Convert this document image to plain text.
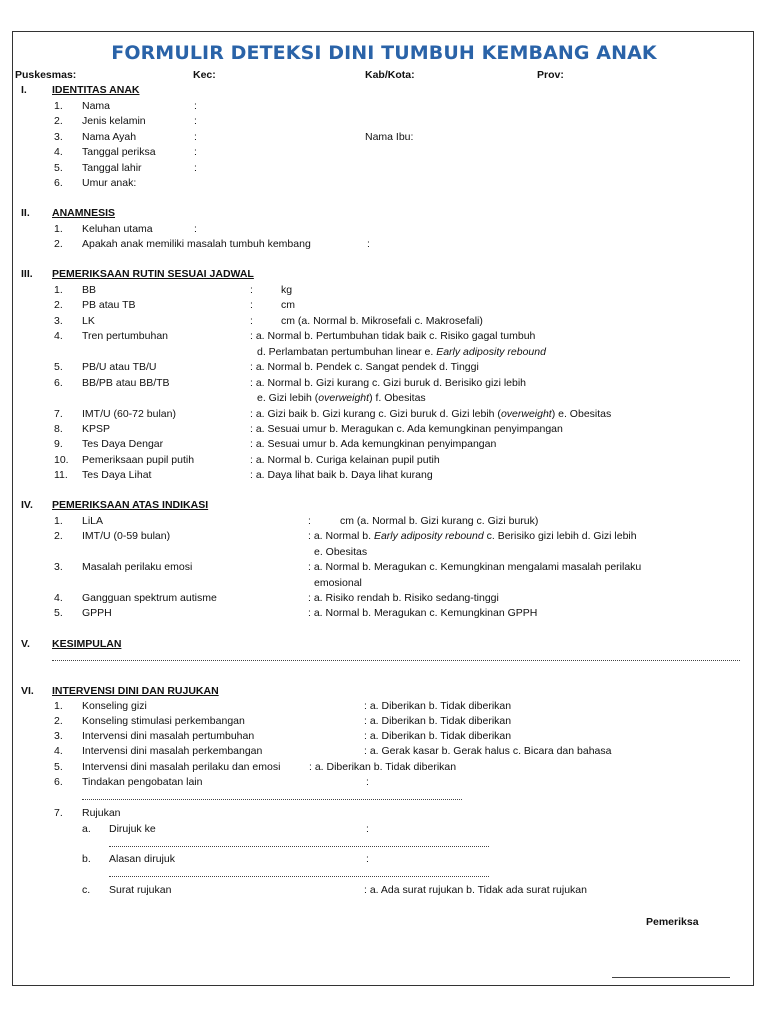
FORMULIR DETEKSI DINI TUMBUH KEMBANG ANAK
Puskesmas:	Kec:	Kab/Kota:	Prov:
I. IDENTITAS ANAK
1. Nama	:
2. Jenis kelamin	:
3. Nama Ayah	:	Nama Ibu:
4. Tanggal periksa	:
5. Tanggal lahir	:
6. Umur anak:
II. ANAMNESIS
1. Keluhan utama	:
2. Apakah anak memiliki masalah tumbuh kembang	:
III. PEMERIKSAAN RUTIN SESUAI JADWAL
1. BB	:	kg
2. PB atau TB	:	cm
3. LK	:	cm (a. Normal b. Mikrosefali c. Makrosefali)
4. Tren pertumbuhan	: a. Normal b. Pertumbuhan tidak baik c. Risiko gagal tumbuh
d. Perlambatan pertumbuhan linear e. Early adiposity rebound
5. PB/U atau TB/U	: a. Normal b. Pendek c. Sangat pendek d. Tinggi
6. BB/PB atau BB/TB	: a. Normal b. Gizi kurang c. Gizi buruk d. Berisiko gizi lebih
e. Gizi lebih (overweight) f. Obesitas
7. IMT/U (60-72 bulan)	: a. Gizi baik b. Gizi kurang c. Gizi buruk d. Gizi lebih (overweight) e. Obesitas
8. KPSP	: a. Sesuai umur b. Meragukan c. Ada kemungkinan penyimpangan
9. Tes Daya Dengar	: a. Sesuai umur b. Ada kemungkinan penyimpangan
10. Pemeriksaan pupil putih	: a. Normal b. Curiga kelainan pupil putih
11. Tes Daya Lihat	: a. Daya lihat baik b. Daya lihat kurang
IV. PEMERIKSAAN ATAS INDIKASI
1. LiLA	:	cm (a. Normal b. Gizi kurang c. Gizi buruk)
2. IMT/U (0-59 bulan)	: a. Normal b. Early adiposity rebound c. Berisiko gizi lebih d. Gizi lebih
e. Obesitas
3. Masalah perilaku emosi	: a. Normal b. Meragukan c. Kemungkinan mengalami masalah perilaku
emosional
4. Gangguan spektrum autisme	: a. Risiko rendah b. Risiko sedang-tinggi
5. GPPH	: a. Normal b. Meragukan c. Kemungkinan GPPH
V. KESIMPULAN
VI. INTERVENSI DINI DAN RUJUKAN
1. Konseling gizi	: a. Diberikan b. Tidak diberikan
2. Konseling stimulasi perkembangan	: a. Diberikan b. Tidak diberikan
3. Intervensi dini masalah pertumbuhan	: a. Diberikan b. Tidak diberikan
4. Intervensi dini masalah perkembangan	: a. Gerak kasar b. Gerak halus c. Bicara dan bahasa
5. Intervensi dini masalah perilaku dan emosi	: a. Diberikan b. Tidak diberikan
6. Tindakan pengobatan lain	:
7. Rujukan
a. Dirujuk ke	:
b. Alasan dirujuk	:
c. Surat rujukan	: a. Ada surat rujukan b. Tidak ada surat rujukan
Pemeriksa
